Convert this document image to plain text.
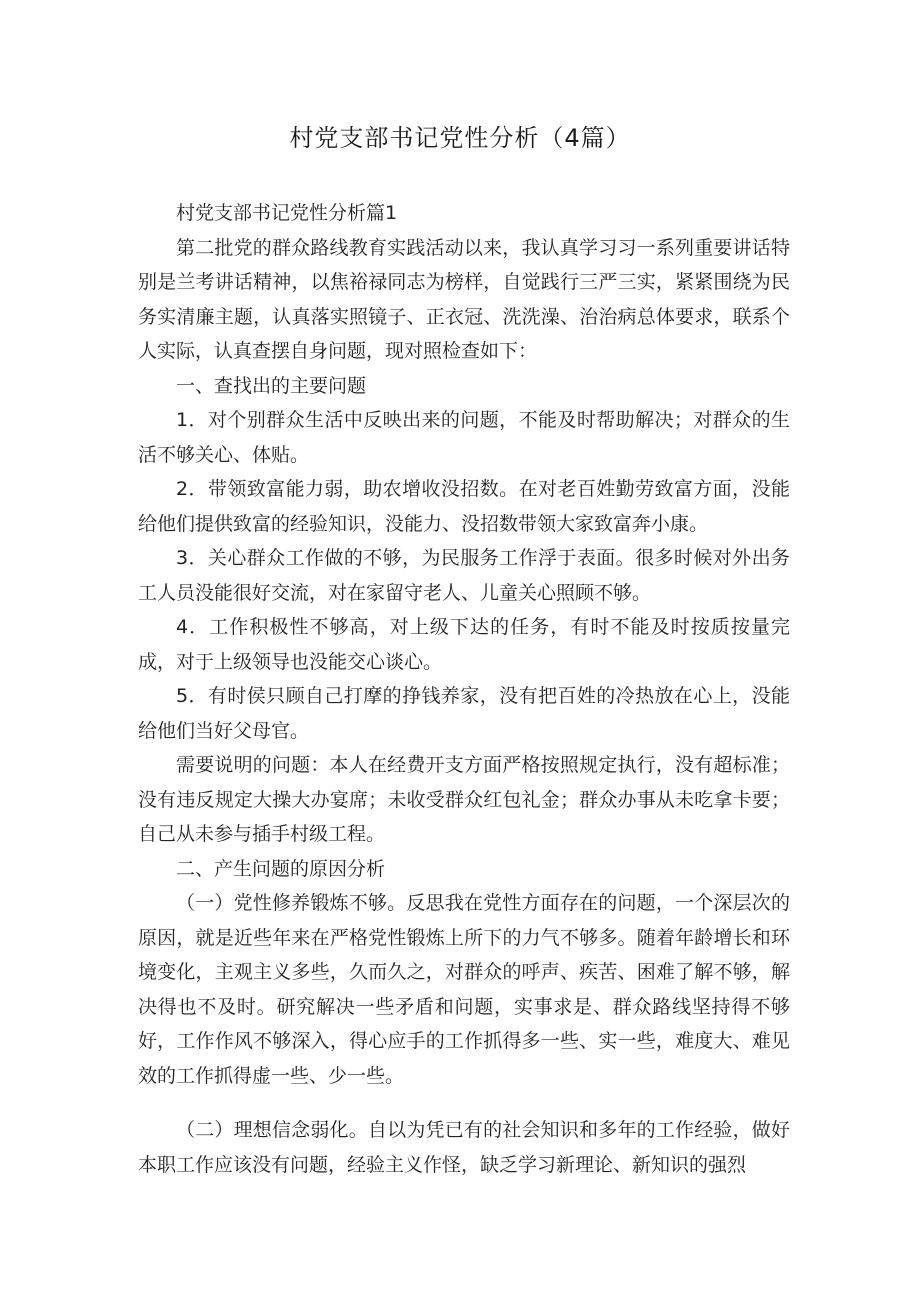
村党支部书记党性分析（4篇）

村党支部书记党性分析篇1

第二批党的群众路线教育实践活动以来，我认真学习习一系列重要讲话特别是兰考讲话精神，以焦裕禄同志为榜样，自觉践行三严三实，紧紧围绕为民务实清廉主题，认真落实照镜子、正衣冠、洗洗澡、治治病总体要求，联系个人实际，认真查摆自身问题，现对照检查如下：

一、查找出的主要问题

1．对个别群众生活中反映出来的问题，不能及时帮助解决；对群众的生活不够关心、体贴。

2．带领致富能力弱，助农增收没招数。在对老百姓勤劳致富方面，没能给他们提供致富的经验知识，没能力、没招数带领大家致富奔小康。

3．关心群众工作做的不够，为民服务工作浮于表面。很多时候对外出务工人员没能很好交流，对在家留守老人、儿童关心照顾不够。

4．工作积极性不够高，对上级下达的任务，有时不能及时按质按量完成，对于上级领导也没能交心谈心。

5．有时侯只顾自己打摩的挣钱养家，没有把百姓的冷热放在心上，没能给他们当好父母官。

需要说明的问题：本人在经费开支方面严格按照规定执行，没有超标准；没有违反规定大操大办宴席；未收受群众红包礼金；群众办事从未吃拿卡要；自己从未参与插手村级工程。

二、产生问题的原因分析

（一）党性修养锻炼不够。反思我在党性方面存在的问题，一个深层次的原因，就是近些年来在严格党性锻炼上所下的力气不够多。随着年龄增长和环境变化，主观主义多些，久而久之，对群众的呼声、疾苦、困难了解不够，解决得也不及时。研究解决一些矛盾和问题，实事求是、群众路线坚持得不够好，工作作风不够深入，得心应手的工作抓得多一些、实一些，难度大、难见效的工作抓得虚一些、少一些。

（二）理想信念弱化。自以为凭已有的社会知识和多年的工作经验，做好本职工作应该没有问题，经验主义作怪，缺乏学习新理论、新知识的强烈
